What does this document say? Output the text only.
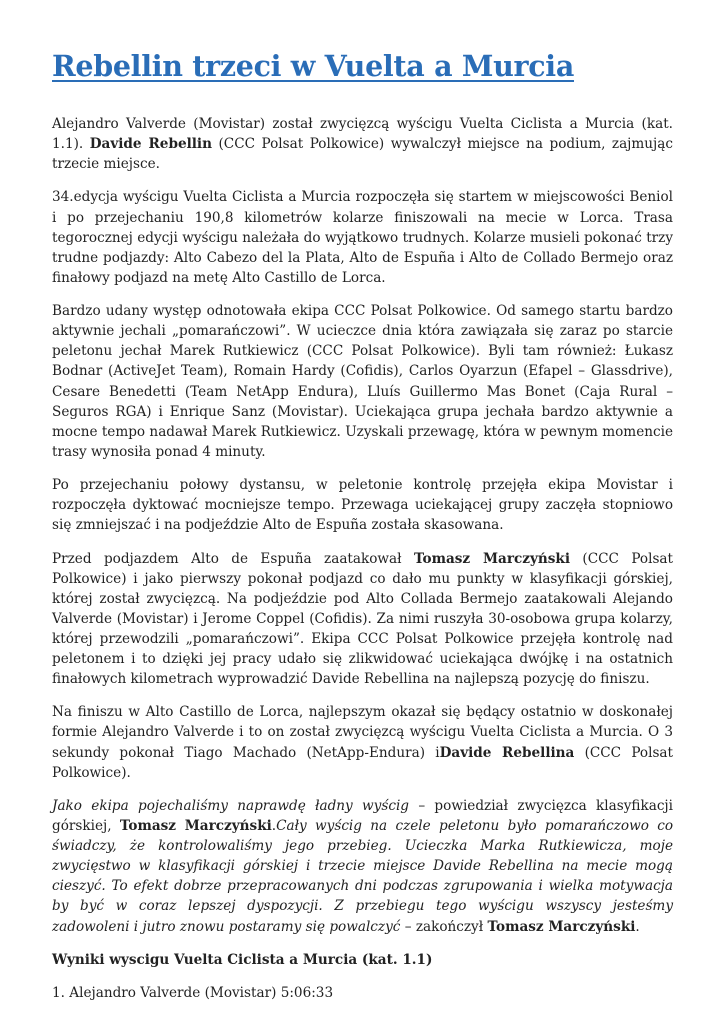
Rebellin trzeci w Vuelta a Murcia

Alejandro Valverde (Movistar) został zwycięzcą wyścigu Vuelta Ciclista a Murcia (kat. 1.1). Davide Rebellin (CCC Polsat Polkowice) wywalczył miejsce na podium, zajmując trzecie miejsce.

34.edycja wyścigu Vuelta Ciclista a Murcia rozpoczęła się startem w miejscowości Beniol i po przejechaniu 190,8 kilometrów kolarze finiszowali na mecie w Lorca. Trasa tegorocznej edycji wyścigu należała do wyjątkowo trudnych. Kolarze musieli pokonać trzy trudne podjazdy: Alto Cabezo del la Plata, Alto de Espuña i Alto de Collado Bermejo oraz finałowy podjazd na metę Alto Castillo de Lorca.

Bardzo udany występ odnotowała ekipa CCC Polsat Polkowice. Od samego startu bardzo aktywnie jechali „pomarańczowi”. W ucieczce dnia która zawiązała się zaraz po starcie peletonu jechał Marek Rutkiewicz (CCC Polsat Polkowice). Byli tam również: Łukasz Bodnar (ActiveJet Team), Romain Hardy (Cofidis), Carlos Oyarzun (Efapel – Glassdrive), Cesare Benedetti (Team NetApp Endura), Lluís Guillermo Mas Bonet (Caja Rural – Seguros RGA) i Enrique Sanz (Movistar). Uciekająca grupa jechała bardzo aktywnie a mocne tempo nadawał Marek Rutkiewicz. Uzyskali przewagę, która w pewnym momencie trasy wynosiła ponad 4 minuty.

Po przejechaniu połowy dystansu, w peletonie kontrolę przejęła ekipa Movistar i rozpoczęła dyktować mocniejsze tempo. Przewaga uciekającej grupy zaczęła stopniowo się zmniejszać i na podjeździe Alto de Espuña została skasowana.

Przed podjazdem Alto de Espuña zaatakował Tomasz Marczyński (CCC Polsat Polkowice) i jako pierwszy pokonał podjazd co dało mu punkty w klasyfikacji górskiej, której został zwycięzcą. Na podjeździe pod Alto Collada Bermejo zaatakowali Alejando Valverde (Movistar) i Jerome Coppel (Cofidis). Za nimi ruszyła 30-osobowa grupa kolarzy, której przewodzili „pomarańczowi”. Ekipa CCC Polsat Polkowice przejęła kontrolę nad peletonem i to dzięki jej pracy udało się zlikwidować uciekająca dwójkę i na ostatnich finałowych kilometrach wyprowadzić Davide Rebellina na najlepszą pozycję do finiszu.

Na finiszu w Alto Castillo de Lorca, najlepszym okazał się będący ostatnio w doskonałej formie Alejandro Valverde i to on został zwycięzcą wyścigu Vuelta Ciclista a Murcia. O 3 sekundy pokonał Tiago Machado (NetApp-Endura) iDavide Rebellina (CCC Polsat Polkowice).

Jako ekipa pojechaliśmy naprawdę ładny wyścig – powiedział zwycięzca klasyfikacji górskiej, Tomasz Marczyński.Cały wyścig na czele peletonu było pomarańczowo co świadczy, że kontrolowaliśmy jego przebieg. Ucieczka Marka Rutkiewicza, moje zwycięstwo w klasyfikacji górskiej i trzecie miejsce Davide Rebellina na mecie mogą cieszyć. To efekt dobrze przepracowanych dni podczas zgrupowania i wielka motywacja by być w coraz lepszej dyspozycji. Z przebiegu tego wyścigu wszyscy jesteśmy zadowoleni i jutro znowu postaramy się powalczyć – zakończył Tomasz Marczyński.

Wyniki wyscigu Vuelta Ciclista a Murcia (kat. 1.1)

1. Alejandro Valverde (Movistar) 5:06:33
